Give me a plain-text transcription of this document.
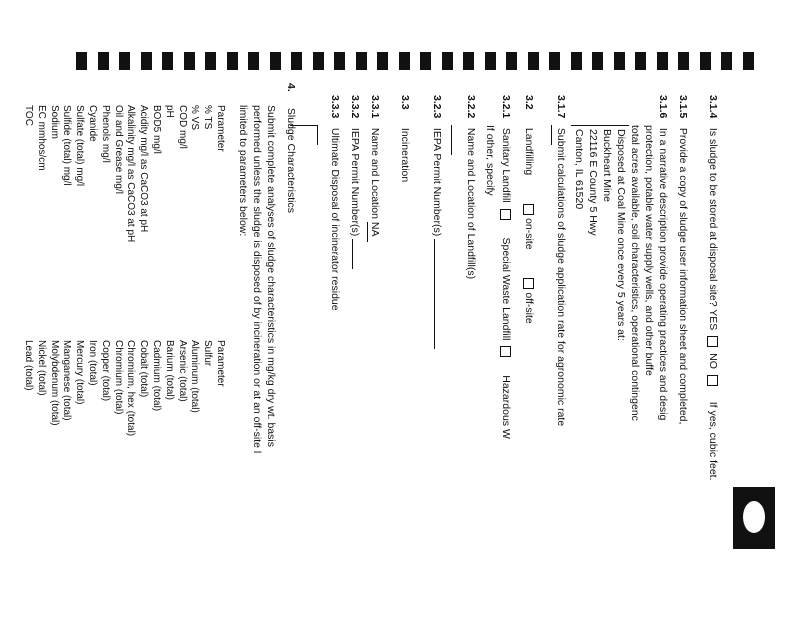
3.1.4 Is sludge to be stored at disposal site? YES  NO  If yes, cubic feet.
3.1.5 Provide a copy of sludge user information sheet and completed,
3.1.6 In a narrative description provide operating practices and desig
protection, potable water supply wells, and other buffe
total acres available, soil characteristics, operational contingenc
Disposed at Coal Mine once every 5 years at:
Buckheart Mine
22116 E County 5 Hwy
Canton, IL 61520
3.1.7 Submit calculations of sludge application rate for agronomic rate
3.2 Landfilling  on-site  off-site
3.2.1 Sanitary Landfill  Special Waste Landfill  Hazardous W
If other, specify
3.2.2 Name and Location of Landfill(s)
3.2.3 IEPA Permit Number(s)
3.3 Incineration
3.3.1 Name and Location NA
3.3.2 IEPA Permit Number(s)
3.3.3 Ultimate Disposal of incinerator residue
4. Sludge Characteristics
Submit complete analyses of sludge characteristics in mg/kg dry wt. basis
performed unless the sludge is disposed of by incineration or at an off-site l
limited to parameters below:
Parameter
% TS
% VS
COD mg/l
pH
BOD5 mg/l
Acidity mg/l as CaCO3 at pH
Alkalinity mg/l as CaCO3 at pH
Oil and Grease mg/l
Phenols mg/l
Cyanide
Sulfate (total) mg/l
Sulfide (total) mg/l
Sodium
EC mmhos/cm
TOC
Parameter
Sulfur
Aluminum (total)
Arsenic (total)
Barium (total)
Cadmium (total)
Cobalt (total)
Chromium, hex (total)
Chromium (total)
Copper (total)
Iron (total)
Mercury (total)
Manganese (total)
Molybdenum (total)
Nickel (total)
Lead (total)
